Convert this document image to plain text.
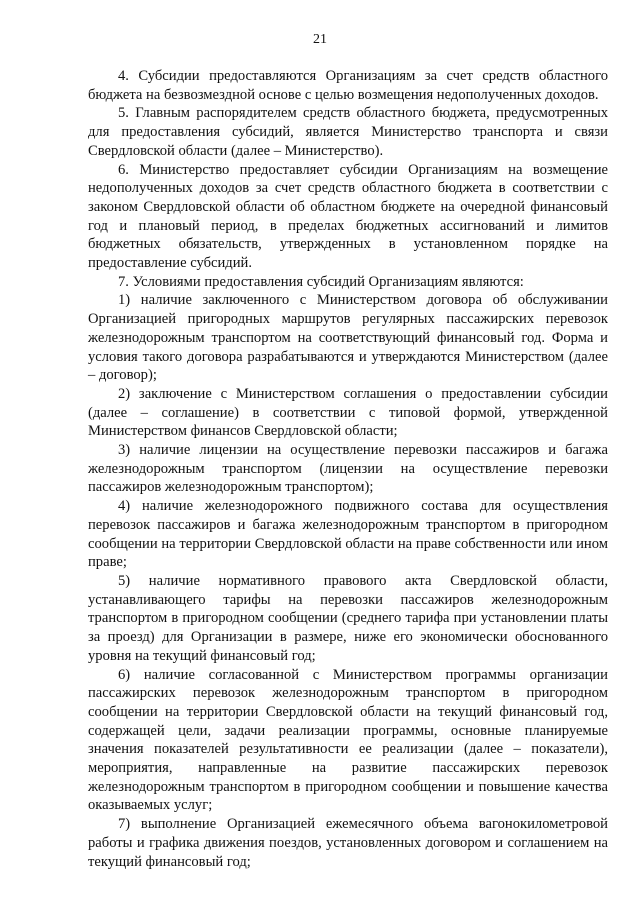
21

4. Субсидии предоставляются Организациям за счет средств областного бюджета на безвозмездной основе с целью возмещения недополученных доходов.

5. Главным распорядителем средств областного бюджета, предусмотренных для предоставления субсидий, является Министерство транспорта и связи Свердловской области (далее – Министерство).

6. Министерство предоставляет субсидии Организациям на возмещение недополученных доходов за счет средств областного бюджета в соответствии с законом Свердловской области об областном бюджете на очередной финансовый год и плановый период, в пределах бюджетных ассигнований и лимитов бюджетных обязательств, утвержденных в установленном порядке на предоставление субсидий.

7. Условиями предоставления субсидий Организациям являются:

1) наличие заключенного с Министерством договора об обслуживании Организацией пригородных маршрутов регулярных пассажирских перевозок железнодорожным транспортом на соответствующий финансовый год. Форма и условия такого договора разрабатываются и утверждаются Министерством (далее – договор);

2) заключение с Министерством соглашения о предоставлении субсидии (далее – соглашение) в соответствии с типовой формой, утвержденной Министерством финансов Свердловской области;

3) наличие лицензии на осуществление перевозки пассажиров и багажа железнодорожным транспортом (лицензии на осуществление перевозки пассажиров железнодорожным транспортом);

4) наличие железнодорожного подвижного состава для осуществления перевозок пассажиров и багажа железнодорожным транспортом в пригородном сообщении на территории Свердловской области на праве собственности или ином праве;

5) наличие нормативного правового акта Свердловской области, устанавливающего тарифы на перевозки пассажиров железнодорожным транспортом в пригородном сообщении (среднего тарифа при установлении платы за проезд) для Организации в размере, ниже его экономически обоснованного уровня на текущий финансовый год;

6) наличие согласованной с Министерством программы организации пассажирских перевозок железнодорожным транспортом в пригородном сообщении на территории Свердловской области на текущий финансовый год, содержащей цели, задачи реализации программы, основные планируемые значения показателей результативности ее реализации (далее – показатели), мероприятия, направленные на развитие пассажирских перевозок железнодорожным транспортом в пригородном сообщении и повышение качества оказываемых услуг;

7) выполнение Организацией ежемесячного объема вагонокилометровой работы и графика движения поездов, установленных договором и соглашением на текущий финансовый год;
